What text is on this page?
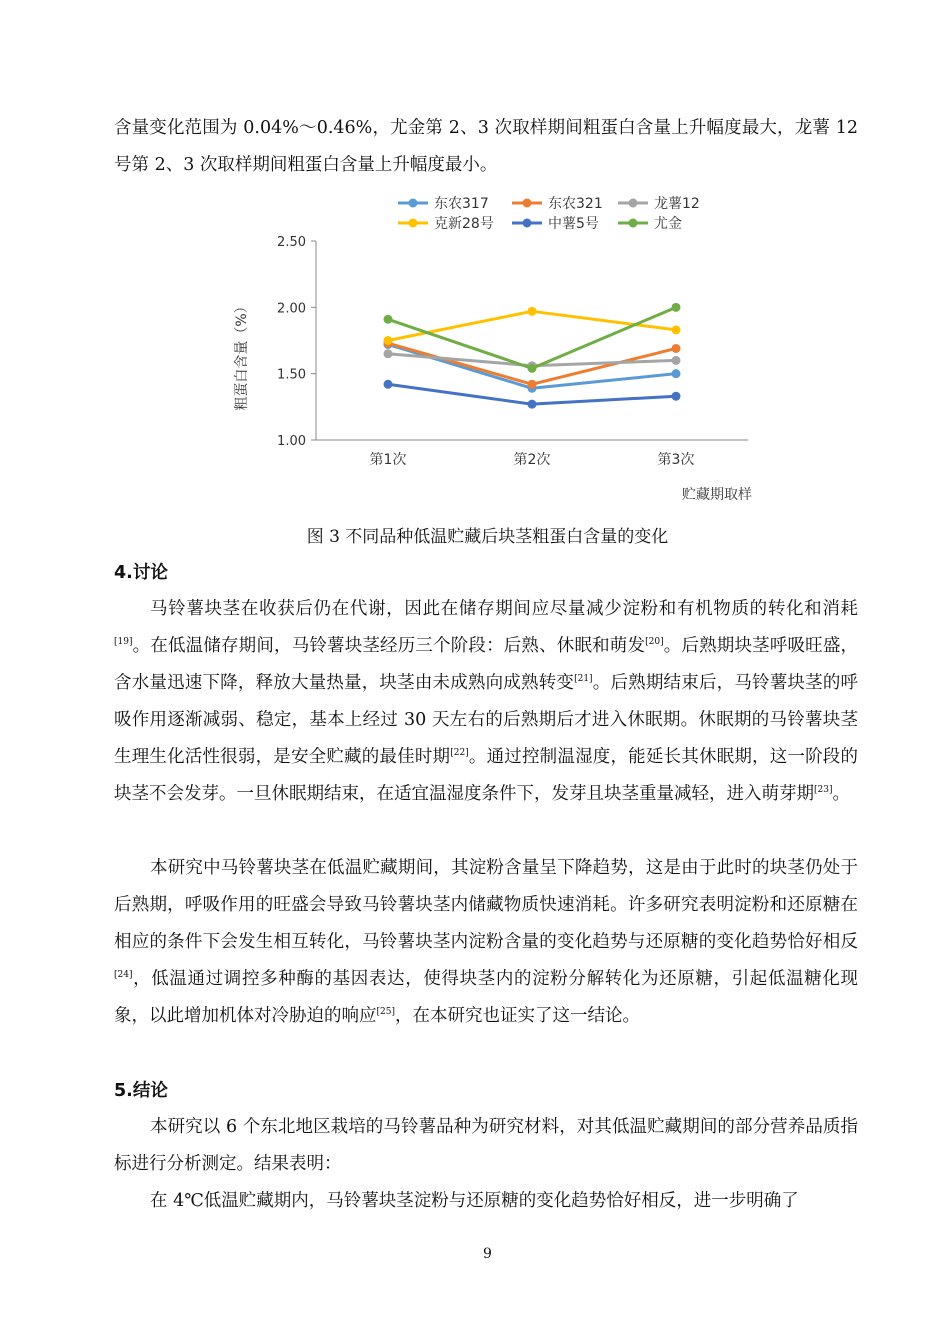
含量变化范围为 0.04%～0.46%，尤金第 2、3 次取样期间粗蛋白含量上升幅度最大，龙薯 12 号第 2、3 次取样期间粗蛋白含量上升幅度最小。

东农317	东农321	龙薯12
克新28号	中薯5号	尤金
1.00
1.50
2.00
2.50
第1次	第2次	第3次
粗蛋白含量（%）
贮藏期取样

图 3 不同品种低温贮藏后块茎粗蛋白含量的变化

4.讨论

马铃薯块茎在收获后仍在代谢，因此在储存期间应尽量减少淀粉和有机物质的转化和消耗[19]。在低温储存期间，马铃薯块茎经历三个阶段：后熟、休眠和萌发[20]。后熟期块茎呼吸旺盛，含水量迅速下降，释放大量热量，块茎由未成熟向成熟转变[21]。后熟期结束后，马铃薯块茎的呼吸作用逐渐减弱、稳定，基本上经过 30 天左右的后熟期后才进入休眠期。休眠期的马铃薯块茎生理生化活性很弱，是安全贮藏的最佳时期[22]。通过控制温湿度，能延长其休眠期，这一阶段的块茎不会发芽。一旦休眠期结束，在适宜温湿度条件下，发芽且块茎重量减轻，进入萌芽期[23]。

本研究中马铃薯块茎在低温贮藏期间，其淀粉含量呈下降趋势，这是由于此时的块茎仍处于后熟期，呼吸作用的旺盛会导致马铃薯块茎内储藏物质快速消耗。许多研究表明淀粉和还原糖在相应的条件下会发生相互转化，马铃薯块茎内淀粉含量的变化趋势与还原糖的变化趋势恰好相反[24]，低温通过调控多种酶的基因表达，使得块茎内的淀粉分解转化为还原糖，引起低温糖化现象，以此增加机体对冷胁迫的响应[25]，在本研究也证实了这一结论。

5.结论

本研究以 6 个东北地区栽培的马铃薯品种为研究材料，对其低温贮藏期间的部分营养品质指标进行分析测定。结果表明：

在 4℃低温贮藏期内，马铃薯块茎淀粉与还原糖的变化趋势恰好相反，进一步明确了

9
